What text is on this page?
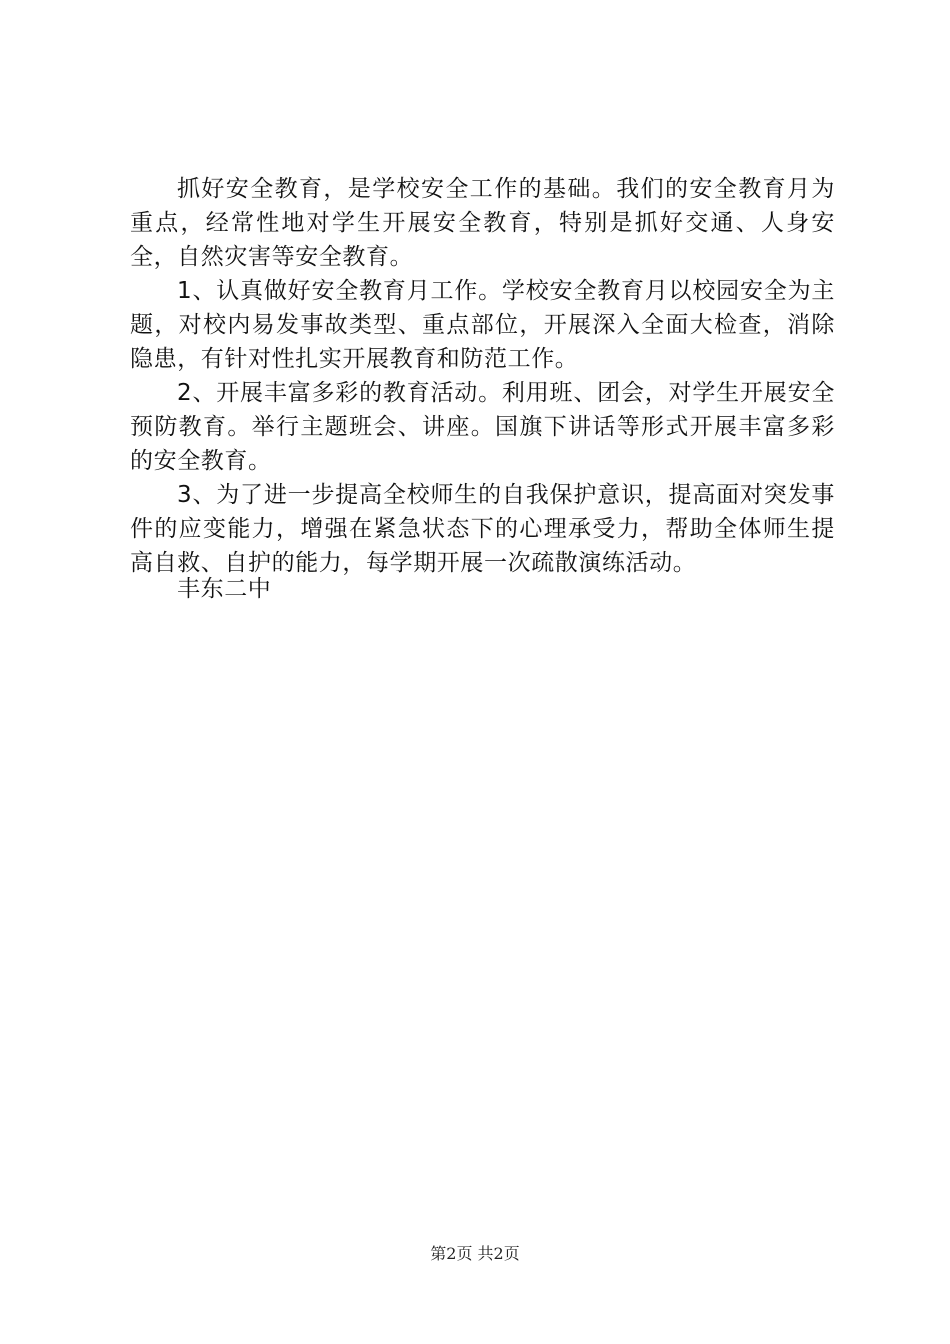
抓好安全教育，是学校安全工作的基础。我们的安全教育月为重点，经常性地对学生开展安全教育，特别是抓好交通、人身安全，自然灾害等安全教育。

1、认真做好安全教育月工作。学校安全教育月以校园安全为主题，对校内易发事故类型、重点部位，开展深入全面大检查，消除隐患，有针对性扎实开展教育和防范工作。

2、开展丰富多彩的教育活动。利用班、团会，对学生开展安全预防教育。举行主题班会、讲座。国旗下讲话等形式开展丰富多彩的安全教育。

3、为了进一步提高全校师生的自我保护意识，提高面对突发事件的应变能力，增强在紧急状态下的心理承受力，帮助全体师生提高自救、自护的能力，每学期开展一次疏散演练活动。

丰东二中
第2页 共2页
